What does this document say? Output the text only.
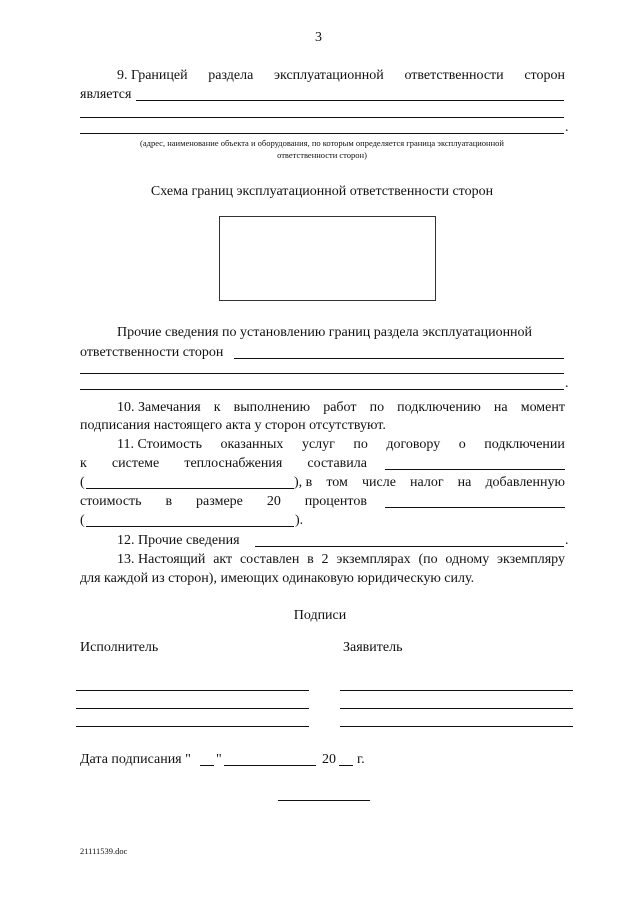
3
9. Границей раздела эксплуатационной ответственности сторон
является
.
(адрес, наименование объекта и оборудования, по которым определяется граница эксплуатационной
ответственности сторон)
Схема границ эксплуатационной ответственности сторон
Прочие сведения по установлению границ раздела эксплуатационной
ответственности сторон
.
10. Замечания к выполнению работ по подключению на момент
подписания настоящего акта у сторон отсутствуют.
11. Стоимость оказанных услуг по договору о подключении
к системе теплоснабжения составила
(	), в том числе налог на добавленную
стоимость в размере 20 процентов
(	).
12. Прочие сведения	.
13. Настоящий акт составлен в 2 экземплярах (по одному экземпляру
для каждой из сторон), имеющих одинаковую юридическую силу.
Подписи
Исполнитель	Заявитель
Дата подписания " "	20 г.
21111539.doc
